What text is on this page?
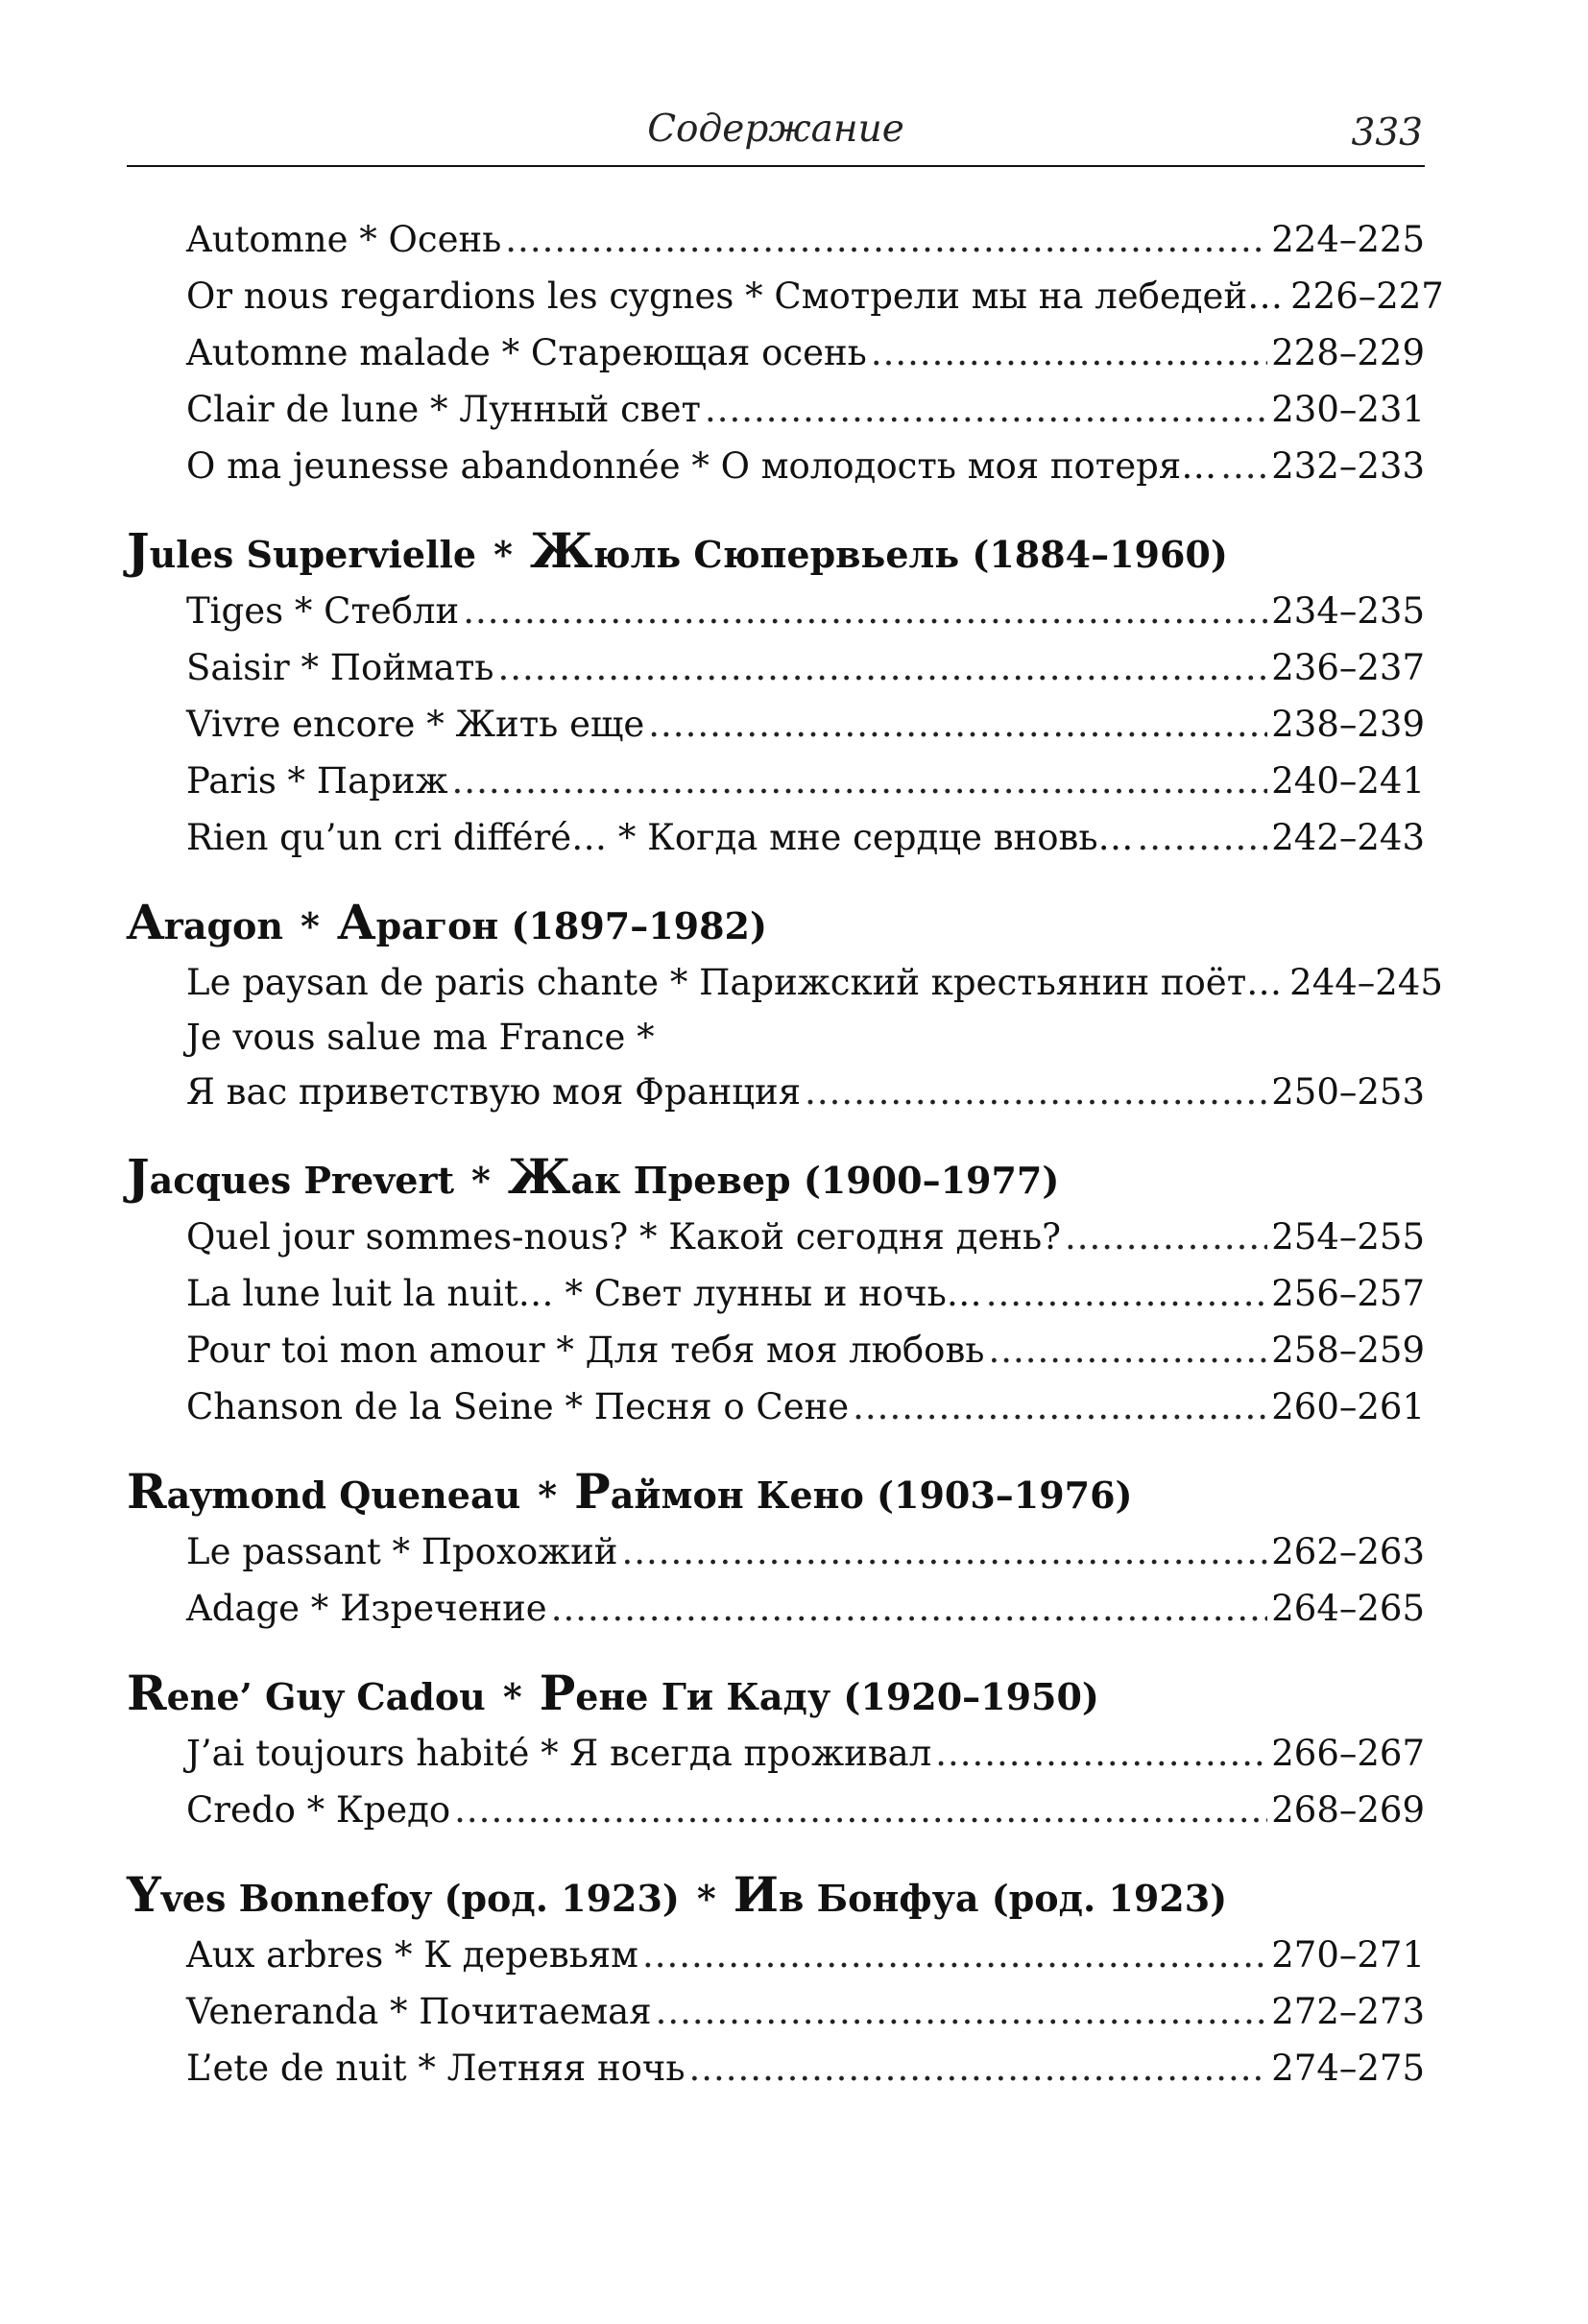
Содержание	333
Automne * Осень .....	224–225
Or nous regardions les cygnes * Смотрели мы на лебедей… 226–227
Automne malade * Стареющая осень .....	228–229
Clair de lune * Лунный свет .....	230–231
O ma jeunesse abandonnée * О молодость моя потеря… ..... 232–233
Jules Supervielle * Жюль Сюпервьель (1884–1960)
Tiges * Стебли .....	234–235
Saisir * Поймать .....	236–237
Vivre encore * Жить еще .....	238–239
Paris * Париж .....	240–241
Rien qu’un cri différé… * Когда мне сердце вновь… .....	242–243
Aragon * Арагон (1897–1982)
Le paysan de paris chante * Парижский крестьянин поёт… 244–245
Je vous salue ma France *
Я вас приветствую моя Франция .....	250–253
Jacques Prevert * Жак Превер (1900–1977)
Quel jour sommes-nous? * Какой сегодня день? .....	254–255
La lune luit la nuit… * Свет лунны и ночь… .....	256–257
Pour toi mon amour * Для тебя моя любовь .....	258–259
Chanson de la Seine * Песня о Сене .....	260–261
Raymond Queneau * Раймон Кено (1903–1976)
Le passant * Прохожий .....	262–263
Adage * Изречение .....	264–265
Rene’ Guy Cadou * Рене Ги Каду (1920–1950)
J’ai toujours habité * Я всегда проживал .....	266–267
Credo * Кредо .....	268–269
Yves Bonnefoy (род. 1923) * Ив Бонфуа (род. 1923)
Aux arbres * К деревьям .....	270–271
Veneranda * Почитаемая .....	272–273
L’ete de nuit * Летняя ночь .....	274–275
